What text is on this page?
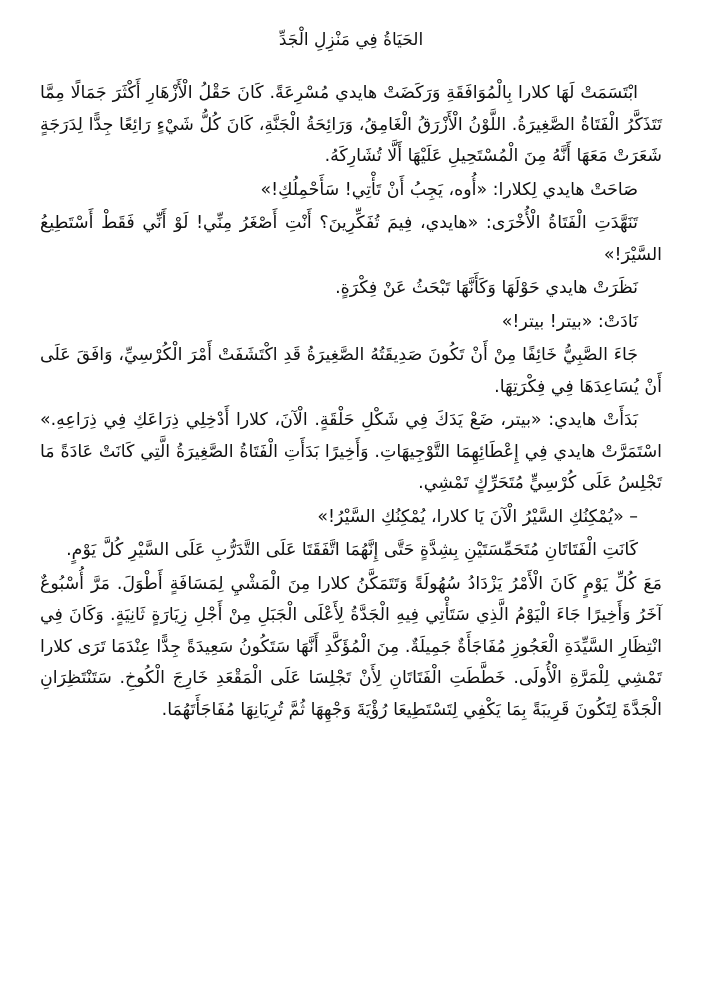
الحَيَاةُ فِي مَنْزِلِ الْجَدِّ

ابْتَسَمَتْ لَهَا كلارا بِالْمُوَافَقَةِ وَرَكَضَتْ هايدي مُسْرِعَةً. كَانَ حَقْلُ الْأَزْهَارِ أَكْثَرَ جَمَالًا مِمَّا تَتَذَكَّرُ الْفَتَاةُ الصَّغِيرَةُ. اللَّوْنُ الْأَزْرَقُ الْغَامِقُ، وَرَائِحَةُ الْجَنَّةِ، كَانَ كُلُّ شَيْءٍ رَائِعًا جِدًّا لِدَرَجَةٍ شَعَرَتْ مَعَهَا أَنَّهُ مِنَ الْمُسْتَحِيلِ عَلَيْهَا أَلَّا تُشَارِكَهُ.

صَاحَتْ هايدي لِكلارا: «أُوه، يَجِبُ أَنْ تَأْتِي! سَأَحْمِلُكِ!»

تَنَهَّدَتِ الْفَتَاةُ الْأُخْرَى: «هايدي، فِيمَ تُفَكِّرِينَ؟ أَنْتِ أَصْغَرُ مِنِّي! لَوْ أَنِّي فَقَطْ أَسْتَطِيعُ السَّيْرَ!»

نَظَرَتْ هايدي حَوْلَهَا وَكَأَنَّهَا تَبْحَثُ عَنْ فِكْرَةٍ.

نَادَتْ: «بيتر! بيتر!»

جَاءَ الصَّبِيُّ خَائِفًا مِنْ أَنْ تَكُونَ صَدِيقَتُهُ الصَّغِيرَةُ قَدِ اكْتَشَفَتْ أَمْرَ الْكُرْسِيِّ، وَافَقَ عَلَى أَنْ يُسَاعِدَهَا فِي فِكْرَتِهَا.

بَدَأَتْ هايدي: «بيتر، ضَعْ يَدَكَ فِي شَكْلِ حَلْقَةٍ. الْآنَ، كلارا أَدْخِلِي ذِرَاعَكِ فِي ذِرَاعِهِ.» اسْتَمَرَّتْ هايدي فِي إِعْطَائِهِمَا التَّوْجِيهَاتِ. وَأَخِيرًا بَدَأَتِ الْفَتَاةُ الصَّغِيرَةُ الَّتِي كَانَتْ عَادَةً مَا تَجْلِسُ عَلَى كُرْسِيٍّ مُتَحَرِّكٍ تَمْشِي.

– «يُمْكِنُكِ السَّيْرُ الْآنَ يَا كلارا، يُمْكِنُكِ السَّيْرُ!»

كَانَتِ الْفَتَاتَانِ مُتَحَمِّسَتَيْنِ بِشِدَّةٍ حَتَّى إِنَّهُمَا اتَّفَقَتَا عَلَى التَّدَرُّبِ عَلَى السَّيْرِ كُلَّ يَوْمٍ.

مَعَ كُلِّ يَوْمٍ كَانَ الْأَمْرُ يَزْدَادُ سُهُولَةً وَتَتَمَكَّنُ كلارا مِنَ الْمَشْيِ لِمَسَافَةٍ أَطْوَلَ. مَرَّ أُسْبُوعٌ آخَرُ وَأَخِيرًا جَاءَ الْيَوْمُ الَّذِي سَتَأْتِي فِيهِ الْجَدَّةُ لِأَعْلَى الْجَبَلِ مِنْ أَجْلِ زِيَارَةٍ ثَانِيَةٍ. وَكَانَ فِي انْتِظَارِ السَّيِّدَةِ الْعَجُوزِ مُفَاجَأَةٌ جَمِيلَةٌ. مِنَ الْمُؤَكَّدِ أَنَّهَا سَتَكُونُ سَعِيدَةً جِدًّا عِنْدَمَا تَرَى كلارا تَمْشِي لِلْمَرَّةِ الْأُولَى. خَطَّطَتِ الْفَتَاتَانِ لِأَنْ تَجْلِسَا عَلَى الْمَقْعَدِ خَارِجَ الْكُوخِ. سَتَنْتَظِرَانِ الْجَدَّةَ لِتَكُونَ قَرِيبَةً بِمَا يَكْفِي لِتَسْتَطِيعَا رُؤْيَةَ وَجْهِهَا ثُمَّ تُرِيَانِهَا مُفَاجَأَتَهُمَا.
